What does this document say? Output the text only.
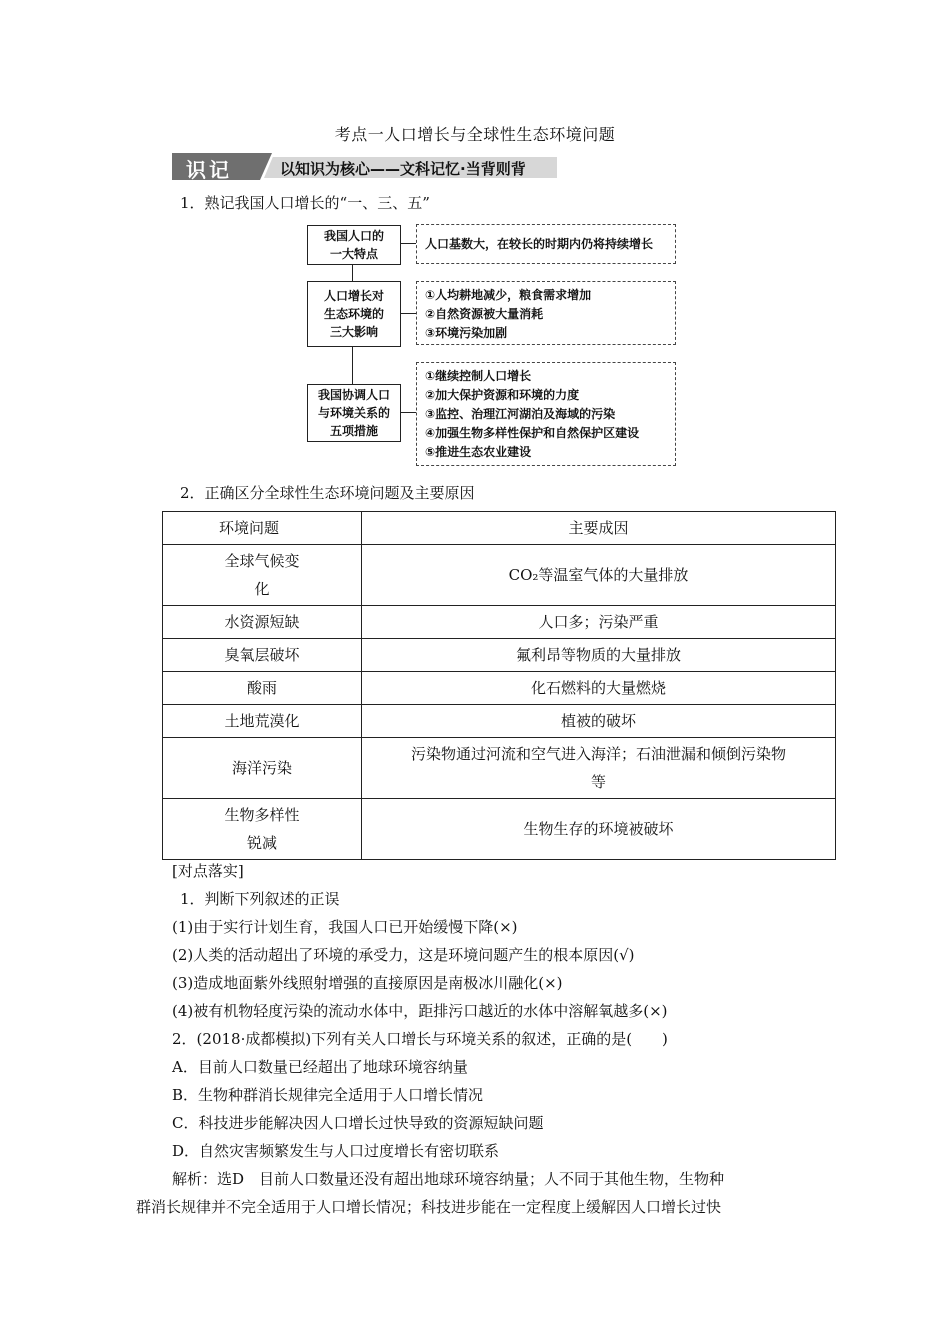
考点一人口增长与全球性生态环境问题
识记	以知识为核心——文科记忆·当背则背
1．熟记我国人口增长的“一、三、五”
我国人口的
一大特点
人口基数大，在较长的时期内仍将持续增长
人口增长对
生态环境的
三大影响
①人均耕地减少，粮食需求增加
②自然资源被大量消耗
③环境污染加剧
我国协调人口
与环境关系的
五项措施
①继续控制人口增长
②加大保护资源和环境的力度
③监控、治理江河湖泊及海域的污染
④加强生物多样性保护和自然保护区建设
⑤推进生态农业建设
2．正确区分全球性生态环境问题及主要原因
环境问题	主要成因
全球气候变
化	CO₂等温室气体的大量排放
水资源短缺	人口多；污染严重
臭氧层破坏	氟利昂等物质的大量排放
酸雨	化石燃料的大量燃烧
土地荒漠化	植被的破坏
海洋污染	污染物通过河流和空气进入海洋；石油泄漏和倾倒污染物
等
生物多样性
锐减	生物生存的环境被破坏
[对点落实]
1．判断下列叙述的正误
(1)由于实行计划生育，我国人口已开始缓慢下降(×)
(2)人类的活动超出了环境的承受力，这是环境问题产生的根本原因(√)
(3)造成地面紫外线照射增强的直接原因是南极冰川融化(×)
(4)被有机物轻度污染的流动水体中，距排污口越近的水体中溶解氧越多(×)
2．(2018·成都模拟)下列有关人口增长与环境关系的叙述，正确的是(　　)
A．目前人口数量已经超出了地球环境容纳量
B．生物种群消长规律完全适用于人口增长情况
C．科技进步能解决因人口增长过快导致的资源短缺问题
D．自然灾害频繁发生与人口过度增长有密切联系
解析：选D　目前人口数量还没有超出地球环境容纳量；人不同于其他生物，生物种
群消长规律并不完全适用于人口增长情况；科技进步能在一定程度上缓解因人口增长过快
